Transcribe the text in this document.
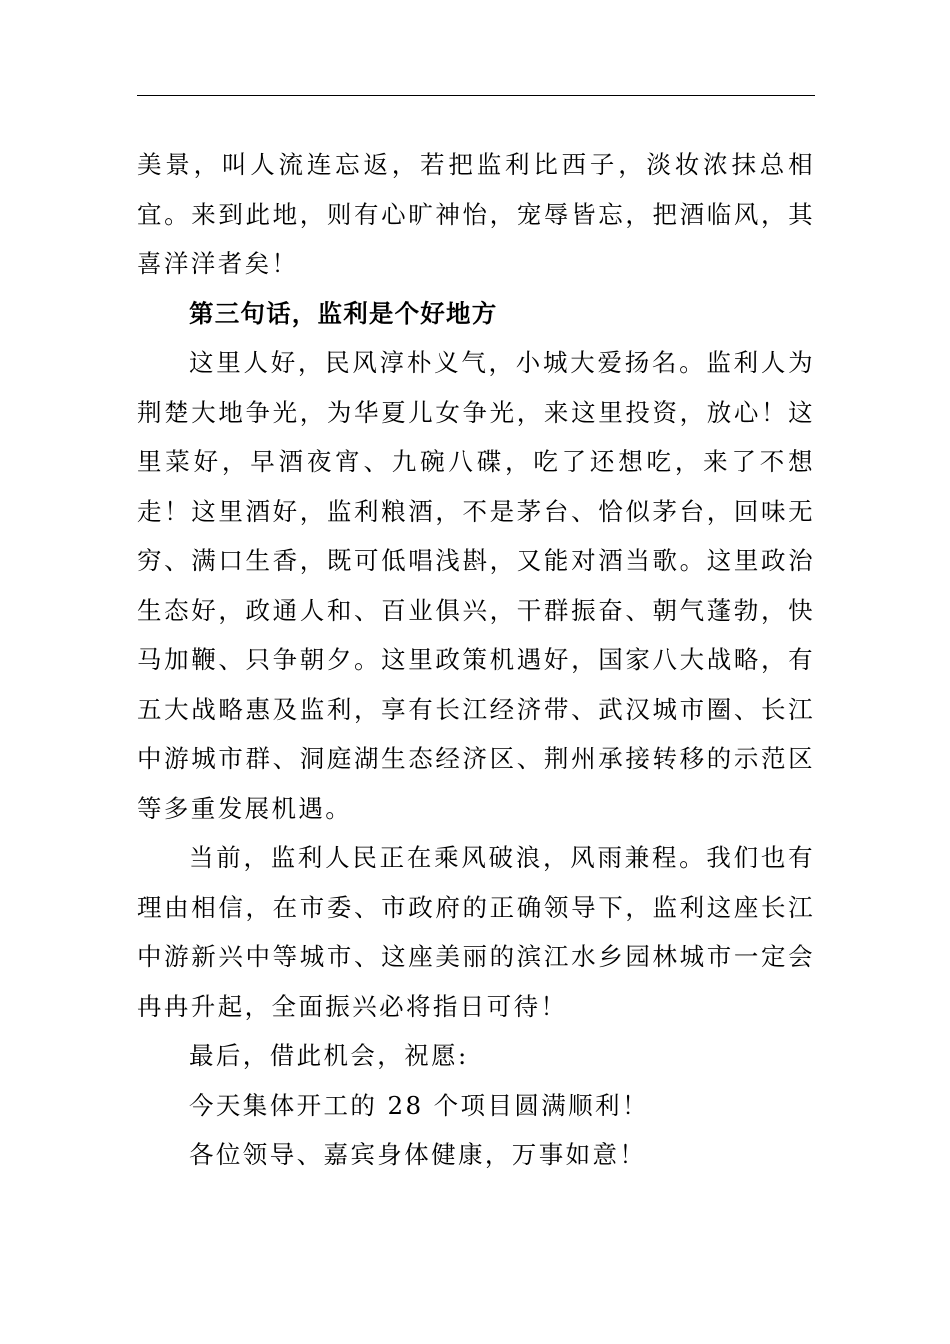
美景，叫人流连忘返，若把监利比西子，淡妆浓抹总相宜。来到此地，则有心旷神怡，宠辱皆忘，把酒临风，其喜洋洋者矣！

第三句话，监利是个好地方

这里人好，民风淳朴义气，小城大爱扬名。监利人为荆楚大地争光，为华夏儿女争光，来这里投资，放心！这里菜好，早酒夜宵、九碗八碟，吃了还想吃，来了不想走！这里酒好，监利粮酒，不是茅台、恰似茅台，回味无穷、满口生香，既可低唱浅斟，又能对酒当歌。这里政治生态好，政通人和、百业俱兴，干群振奋、朝气蓬勃，快马加鞭、只争朝夕。这里政策机遇好，国家八大战略，有五大战略惠及监利，享有长江经济带、武汉城市圈、长江中游城市群、洞庭湖生态经济区、荆州承接转移的示范区等多重发展机遇。

当前，监利人民正在乘风破浪，风雨兼程。我们也有理由相信，在市委、市政府的正确领导下，监利这座长江中游新兴中等城市、这座美丽的滨江水乡园林城市一定会冉冉升起，全面振兴必将指日可待！

最后，借此机会，祝愿:

今天集体开工的 28 个项目圆满顺利！

各位领导、嘉宾身体健康，万事如意！
